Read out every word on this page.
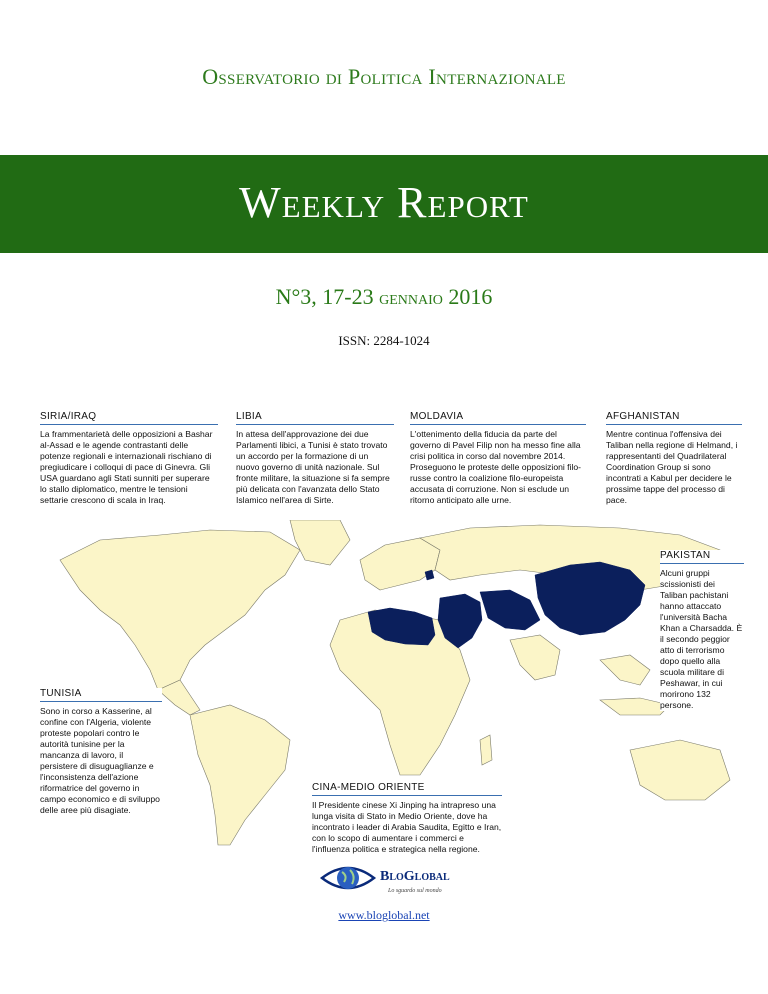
Osservatorio di Politica Internazionale
Weekly Report
N°3, 17-23 gennaio 2016
ISSN: 2284-1024
SIRIA/IRAQ

La frammentarietà delle opposizioni a Bashar al-Assad e le agende contrastanti delle potenze regionali e internazionali rischiano di pregiudicare i colloqui di pace di Ginevra. Gli USA guardano agli Stati sunniti per superare lo stallo diplomatico, mentre le tensioni settarie crescono di scala in Iraq.

LIBIA

In attesa dell'approvazione dei due Parlamenti libici, a Tunisi è stato trovato un accordo per la formazione di un nuovo governo di unità nazionale. Sul fronte militare, la situazione si fa sempre più delicata con l'avanzata dello Stato Islamico nell'area di Sirte.

MOLDAVIA

L'ottenimento della fiducia da parte del governo di Pavel Filip non ha messo fine alla crisi politica in corso dal novembre 2014. Proseguono le proteste delle opposizioni filo-russe contro la coalizione filo-europeista accusata di corruzione. Non si esclude un ritorno anticipato alle urne.

AFGHANISTAN

Mentre continua l'offensiva dei Taliban nella regione di Helmand, i rappresentanti del Quadrilateral Coordination Group si sono incontrati a Kabul per decidere le prossime tappe del processo di pace.

PAKISTAN

Alcuni gruppi scissionisti dei Taliban pachistani hanno attaccato l'università Bacha Khan a Charsadda. È il secondo peggior atto di terrorismo dopo quello alla scuola militare di Peshawar, in cui morirono 132 persone.

TUNISIA

Sono in corso a Kasserine, al confine con l'Algeria, violente proteste popolari contro le autorità tunisine per la mancanza di lavoro, il persistere di disuguaglianze e l'inconsistenza dell'azione riformatrice del governo in campo economico e di sviluppo delle aree più disagiate.

CINA-MEDIO ORIENTE

Il Presidente cinese Xi Jinping ha intrapreso una lunga visita di Stato in Medio Oriente, dove ha incontrato i leader di Arabia Saudita, Egitto e Iran, con lo scopo di aumentare i commerci e l'influenza politica e strategica nella regione.

BloGlobal
Lo sguardo sul mondo
www.bloglobal.net
